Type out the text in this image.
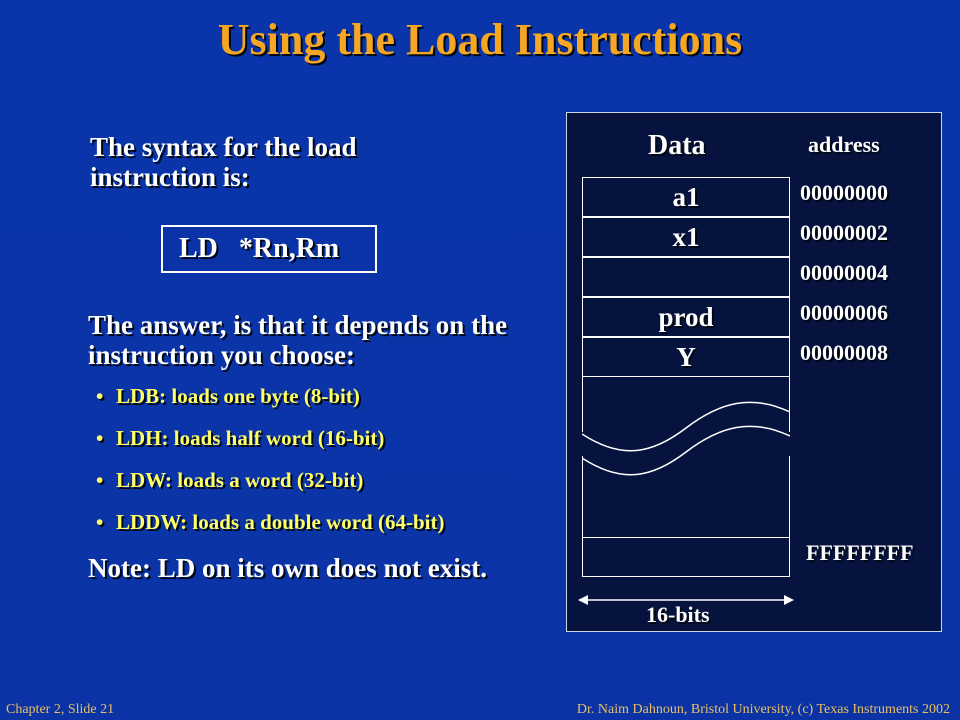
Using the Load Instructions
The syntax for the load instruction is:
LD   *Rn,Rm
The answer, is that it depends on the instruction you choose:
• LDB: loads one byte (8-bit)
• LDH: loads half word (16-bit)
• LDW: loads a word (32-bit)
• LDDW: loads a double word (64-bit)
Note: LD on its own does not exist.
Data	address
a1
x1
prod
Y
00000000
00000002
00000004
00000006
00000008
FFFFFFFF
16-bits
Chapter 2, Slide 21	Dr. Naim Dahnoun, Bristol University, (c) Texas Instruments 2002
